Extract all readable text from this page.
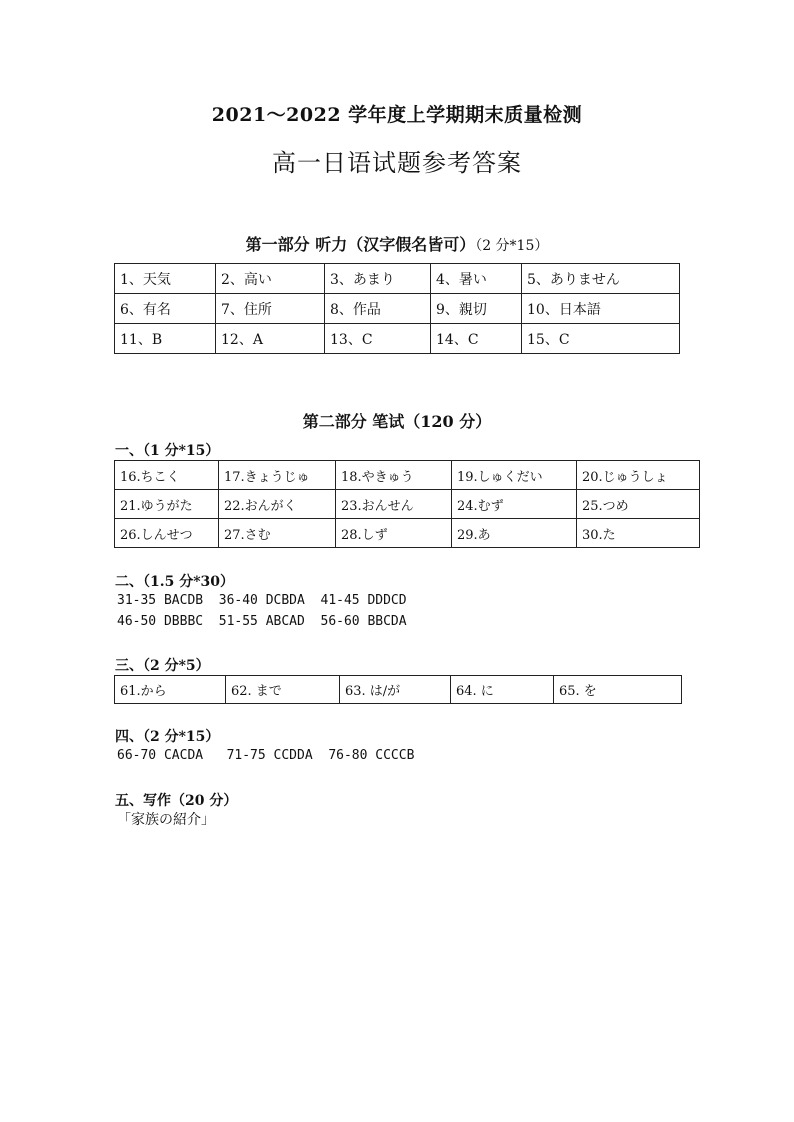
2021～2022 学年度上学期期末质量检测
高一日语试题参考答案
第一部分 听力（汉字假名皆可）（2 分*15）
1、天気	2、高い	3、あまり	4、暑い	5、ありません
6、有名	7、住所	8、作品	9、親切	10、日本語
11、B	12、A	13、C	14、C	15、C
第二部分 笔试（120 分）
一、（1 分*15）
16.ちこく	17.きょうじゅ	18.やきゅう	19.しゅくだい	20.じゅうしょ
21.ゆうがた	22.おんがく	23.おんせん	24.むず	25.つめ
26.しんせつ	27.さむ	28.しず	29.あ	30.た
二、（1.5 分*30）
31-35 BACDB  36-40 DCBDA  41-45 DDDCD
46-50 DBBBC  51-55 ABCAD  56-60 BBCDA
三、（2 分*5）
61.から	62. まで	63. は/が	64. に	65. を
四、（2 分*15）
66-70 CACDA   71-75 CCDDA  76-80 CCCCB
五、写作（20 分）
「家族の紹介」
